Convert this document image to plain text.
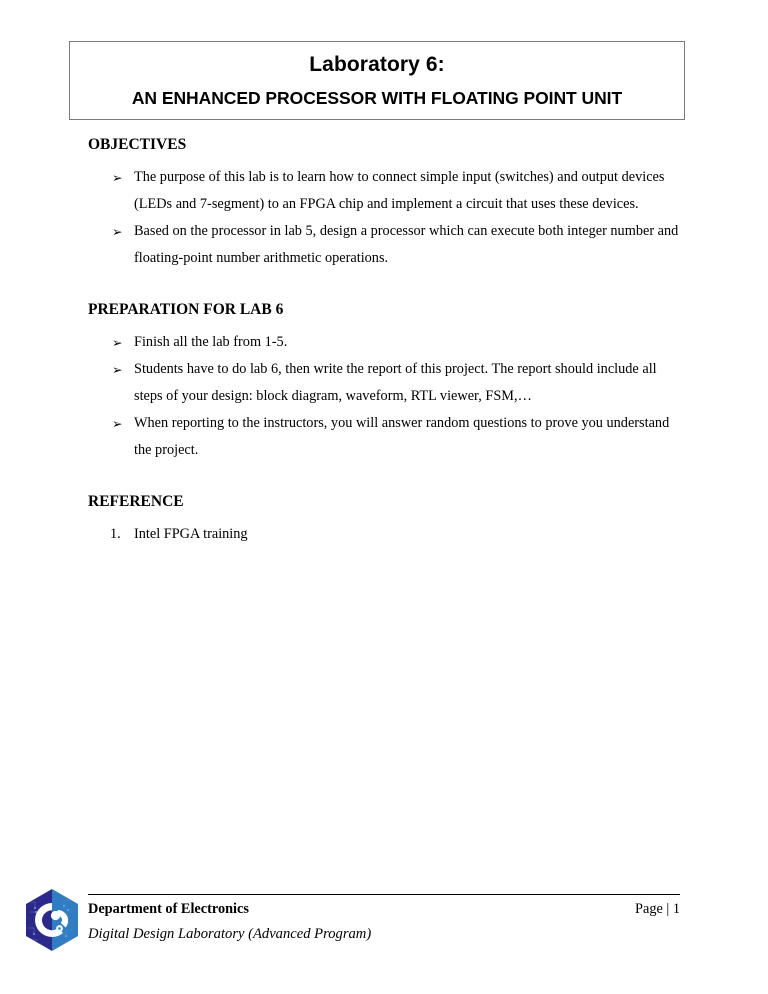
Laboratory 6:
AN ENHANCED PROCESSOR WITH FLOATING POINT UNIT
OBJECTIVES
➢ The purpose of this lab is to learn how to connect simple input (switches) and output devices (LEDs and 7-segment) to an FPGA chip and implement a circuit that uses these devices.
➢ Based on the processor in lab 5, design a processor which can execute both integer number and floating-point number arithmetic operations.
PREPARATION FOR LAB 6
➢ Finish all the lab from 1-5.
➢ Students have to do lab 6, then write the report of this project. The report should include all steps of your design: block diagram, waveform, RTL viewer, FSM,…
➢ When reporting to the instructors, you will answer random questions to prove you understand the project.
REFERENCE
1. Intel FPGA training
Department of Electronics
Digital Design Laboratory (Advanced Program)
Page | 1
